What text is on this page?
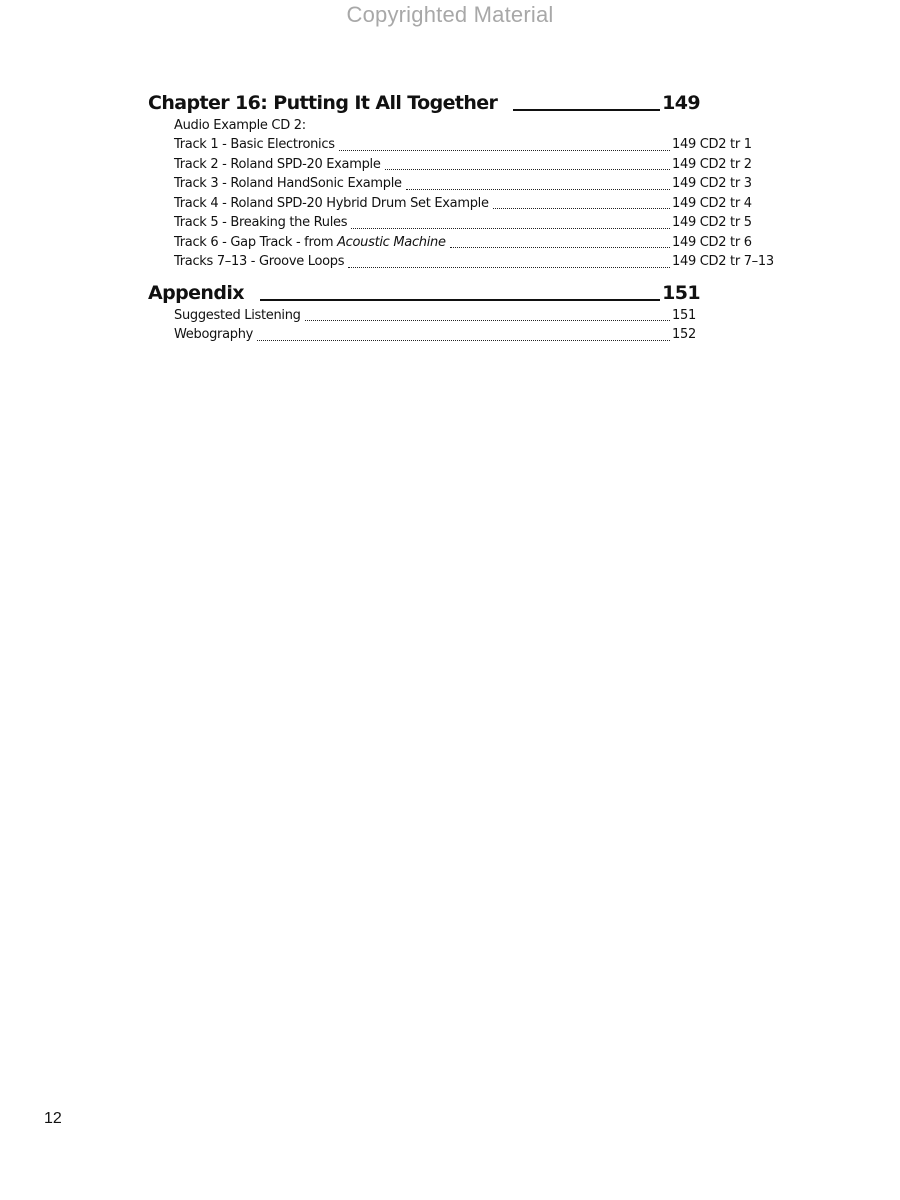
Copyrighted Material
Chapter 16: Putting It All Together	149
Audio Example CD 2:
Track 1 - Basic Electronics	149 CD2 tr 1
Track 2 - Roland SPD-20 Example	149 CD2 tr 2
Track 3 - Roland HandSonic Example	149 CD2 tr 3
Track 4 - Roland SPD-20 Hybrid Drum Set Example	149 CD2 tr 4
Track 5 - Breaking the Rules	149 CD2 tr 5
Track 6 - Gap Track - from Acoustic Machine	149 CD2 tr 6
Tracks 7–13 - Groove Loops	149 CD2 tr 7–13
Appendix	151
Suggested Listening	151
Webography	152
12
